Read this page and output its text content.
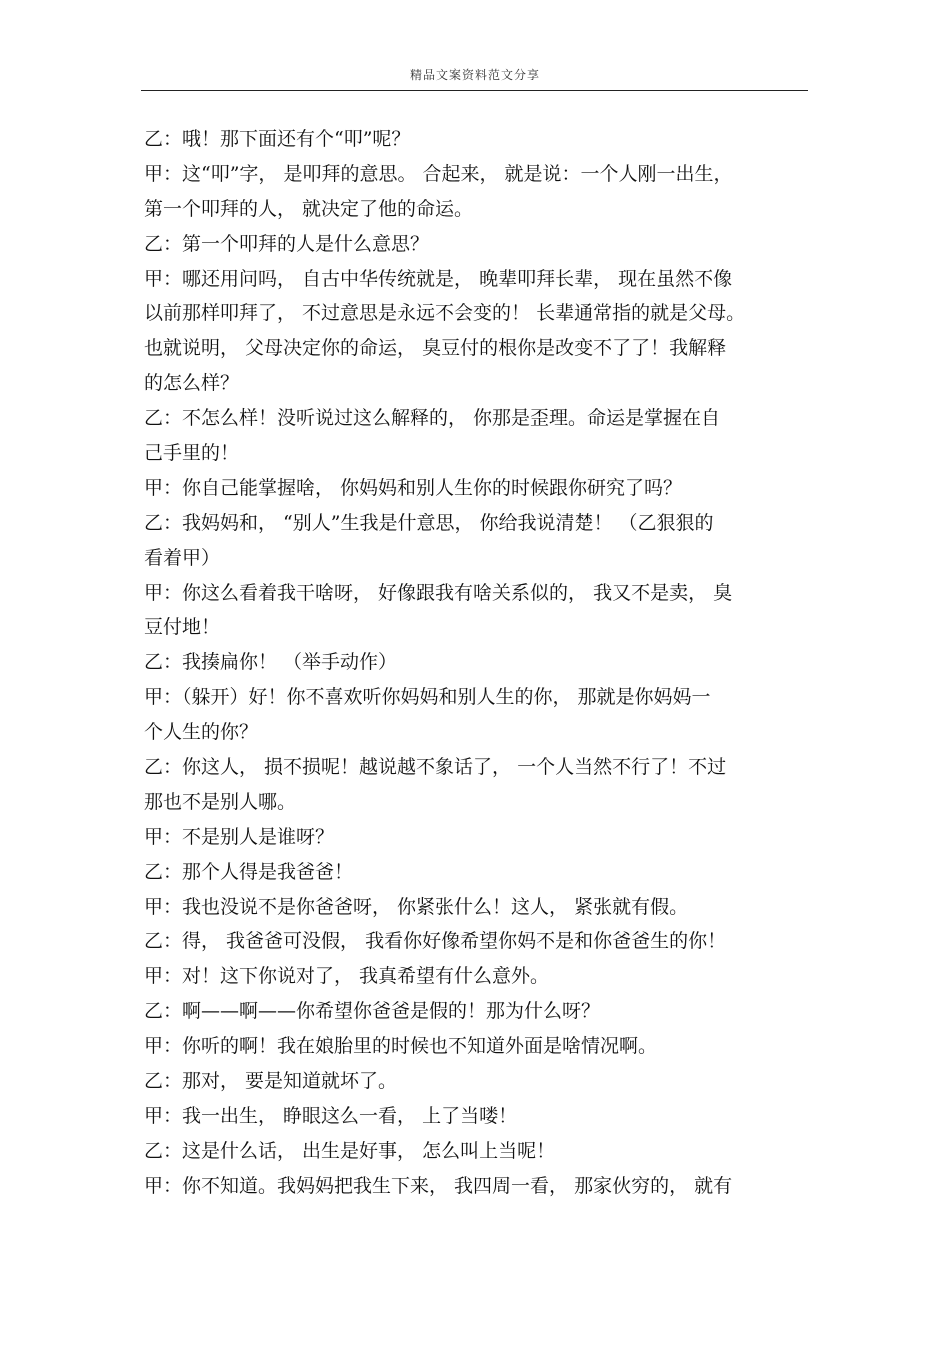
精品文案资料范文分享
乙：哦！那下面还有个“叩”呢？
甲：这“叩”字， 是叩拜的意思。 合起来， 就是说：一个人刚一出生，
第一个叩拜的人， 就决定了他的命运。
乙：第一个叩拜的人是什么意思？
甲：哪还用问吗， 自古中华传统就是， 晚辈叩拜长辈， 现在虽然不像
以前那样叩拜了， 不过意思是永远不会变的！ 长辈通常指的就是父母。
也就说明， 父母决定你的命运， 臭豆付的根你是改变不了了！我解释
的怎么样？
乙：不怎么样！没听说过这么解释的， 你那是歪理。命运是掌握在自
己手里的！
甲：你自己能掌握啥， 你妈妈和别人生你的时候跟你研究了吗？
乙：我妈妈和， “别人”生我是什意思， 你给我说清楚！ （乙狠狠的
看着甲）
甲：你这么看着我干啥呀， 好像跟我有啥关系似的， 我又不是卖， 臭
豆付地！
乙：我揍扁你！ （举手动作）
甲：（躲开）好！你不喜欢听你妈妈和别人生的你， 那就是你妈妈一
个人生的你？
乙：你这人， 损不损呢！越说越不象话了， 一个人当然不行了！不过
那也不是别人哪。
甲：不是别人是谁呀？
乙：那个人得是我爸爸！
甲：我也没说不是你爸爸呀， 你紧张什么！这人， 紧张就有假。
乙：得， 我爸爸可没假， 我看你好像希望你妈不是和你爸爸生的你！
甲：对！这下你说对了， 我真希望有什么意外。
乙：啊——啊——你希望你爸爸是假的！那为什么呀？
甲：你听的啊！我在娘胎里的时候也不知道外面是啥情况啊。
乙：那对， 要是知道就坏了。
甲：我一出生， 睁眼这么一看， 上了当喽！
乙：这是什么话， 出生是好事， 怎么叫上当呢！
甲：你不知道。我妈妈把我生下来， 我四周一看， 那家伙穷的， 就有
